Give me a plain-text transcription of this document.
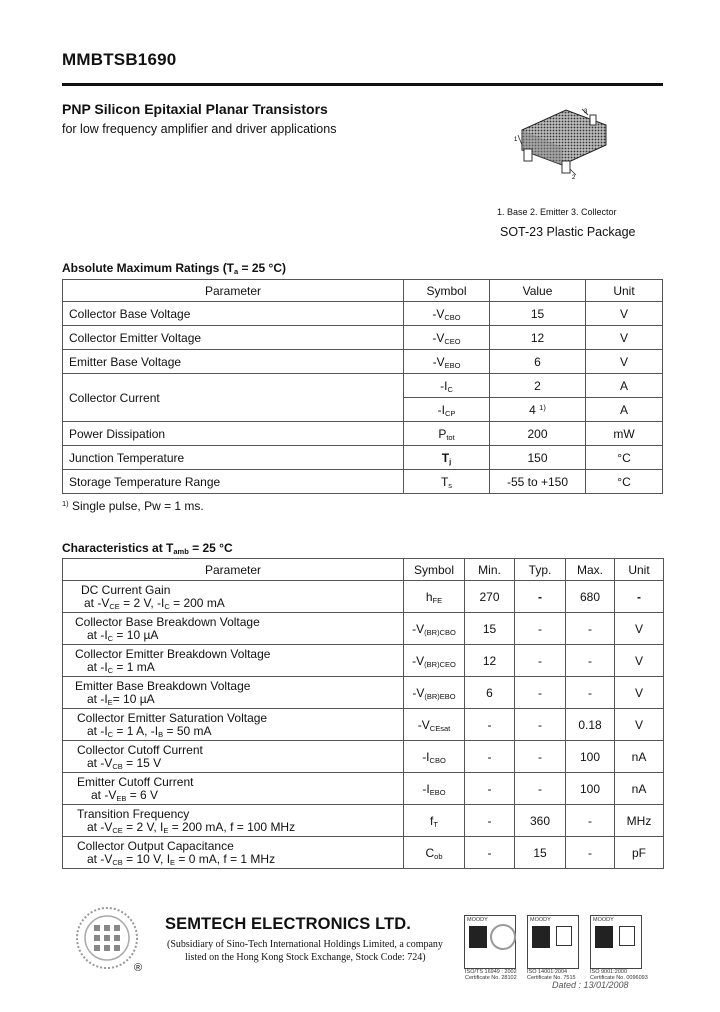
MMBTSB1690
PNP Silicon Epitaxial Planar Transistors
for low frequency amplifier and driver applications
3
1
2
1. Base 2. Emitter 3. Collector
SOT-23 Plastic Package
Absolute Maximum Ratings ($T_a = 25$ °C)
Parameter	Symbol	Value	Unit
Collector Base Voltage	$-V_{CBO}$	15	V
Collector Emitter Voltage	$-V_{CEO}$	12	V
Emitter Base Voltage	$-V_{EBO}$	6	V
Collector Current	$-I_C$	2	A
	$-I_{CP}$	4 $^{1)}$	A
Power Dissipation	$P_{tot}$	200	mW
Junction Temperature	$T_j$	150	°C
Storage Temperature Range	$T_s$	-55 to +150	°C
$^{1)}$ Single pulse, Pw = 1 ms.
Characteristics at $T_{amb} = 25$ °C
Parameter	Symbol	Min.	Typ.	Max.	Unit

DC Current Gain
at $-V_{CE} = 2$ V, $-I_C = 200$ mA	$h_{FE}$	270	-	680	-

Collector Base Breakdown Voltage
at $-I_C = 10$ µA	$-V_{(BR)CBO}$	15	-	-	V

Collector Emitter Breakdown Voltage
at $-I_C = 1$ mA	$-V_{(BR)CEO}$	12	-	-	V

Emitter Base Breakdown Voltage
at $-I_E= 10$ µA	$-V_{(BR)EBO}$	6	-	-	V

Collector Emitter Saturation Voltage
at $-I_C = 1$ A, $-I_B = 50$ mA	$-V_{CEsat}$	-	-	0.18	V

Collector Cutoff Current
at $-V_{CB} = 15$ V	$-I_{CBO}$	-	-	100	nA

Emitter Cutoff Current
at $-V_{EB} = 6$ V	$-I_{EBO}$	-	-	100	nA

Transition Frequency
at $-V_{CE} = 2$ V, $I_E = 200$ mA, f = 100 MHz	$f_T$	-	360	-	MHz

Collector Output Capacitance
at $-V_{CB} = 10$ V, $I_E = 0$ mA, f = 1 MHz	$C_{ob}$	-	15	-	pF
®
SEMTECH ELECTRONICS LTD.
(Subsidiary of Sino-Tech International Holdings Limited, a company
listed on the Hong Kong Stock Exchange, Stock Code: 724)
MOODY
ISO/TS 16949 : 2002
Certificate No. 28102
MOODY
ISO 14001:2004
Certificate No. 7515
MOODY
ISO 9001:2000
Certificate No. 0096093
Dated : 13/01/2008
